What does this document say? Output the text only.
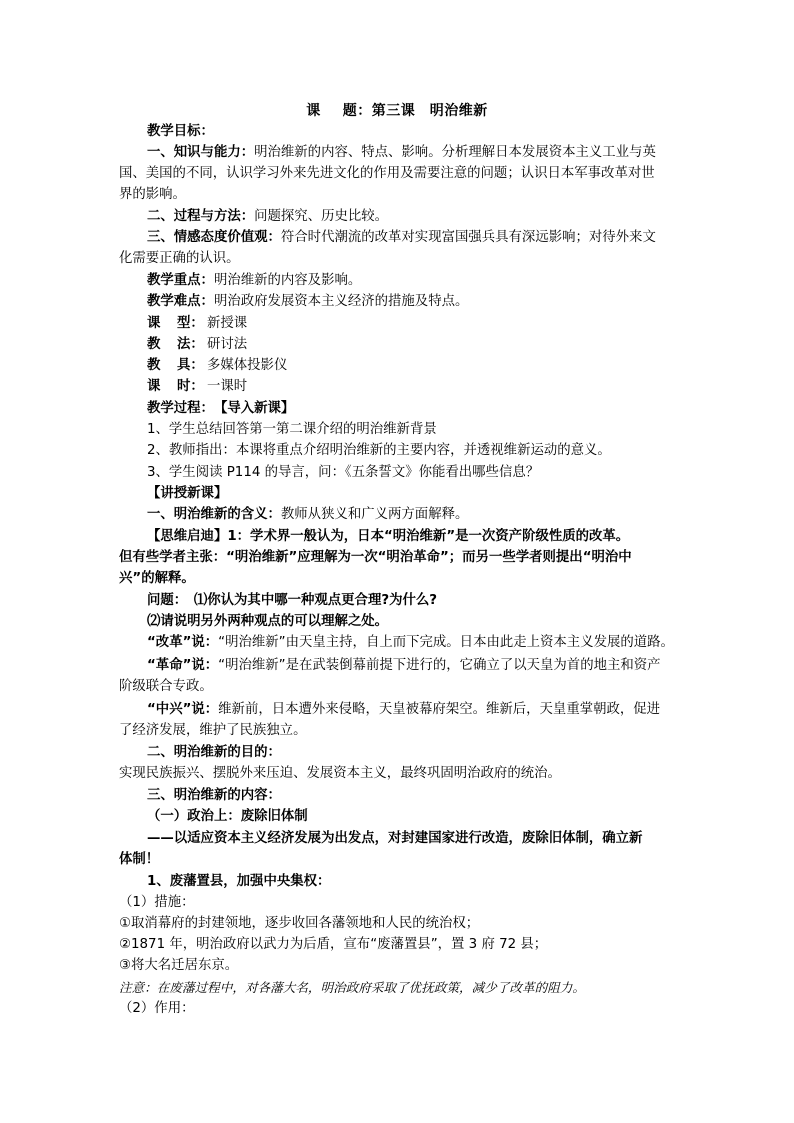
课 题：第三课　明治维新
教学目标：
一、知识与能力：明治维新的内容、特点、影响。分析理解日本发展资本主义工业与英
国、美国的不同，认识学习外来先进文化的作用及需要注意的问题；认识日本军事改革对世
界的影响。
二、过程与方法：问题探究、历史比较。
三、情感态度价值观：符合时代潮流的改革对实现富国强兵具有深远影响；对待外来文
化需要正确的认识。
教学重点：明治维新的内容及影响。
教学难点：明治政府发展资本主义经济的措施及特点。
课 型： 新授课
教 法： 研讨法
教 具： 多媒体投影仪
课 时： 一课时
教学过程：　【导入新课】
1、学生总结回答第一第二课介绍的明治维新背景
2、教师指出：本课将重点介绍明治维新的主要内容，并透视维新运动的意义。
3、学生阅读 P114 的导言，问：《五条誓文》你能看出哪些信息？
【讲授新课】
一、明治维新的含义：教师从狭义和广义两方面解释。
【思维启迪】1：学术界一般认为，日本“明治维新”是一次资产阶级性质的改革。
但有些学者主张：“明治维新”应理解为一次“明治革命”；而另一些学者则提出“明治中
兴”的解释。
问题：　⑴你认为其中哪一种观点更合理?为什么?
⑵请说明另外两种观点的可以理解之处。
“改革”说：“明治维新”由天皇主持，自上而下完成。日本由此走上资本主义发展的道路。
“革命”说：“明治维新”是在武装倒幕前提下进行的，它确立了以天皇为首的地主和资产
阶级联合专政。
“中兴”说：维新前，日本遭外来侵略，天皇被幕府架空。维新后，天皇重掌朝政，促进
了经济发展，维护了民族独立。
二、明治维新的目的：
实现民族振兴、摆脱外来压迫、发展资本主义，最终巩固明治政府的统治。
三、明治维新的内容：
（一）政治上：废除旧体制
——以适应资本主义经济发展为出发点，对封建国家进行改造，废除旧体制，确立新
体制！
1、废藩置县，加强中央集权：
（1）措施：
①取消幕府的封建领地，逐步收回各藩领地和人民的统治权；
②1871 年，明治政府以武力为后盾，宣布“废藩置县”，置 3 府 72 县；
③将大名迁居东京。
注意：在废藩过程中，对各藩大名，明治政府采取了优抚政策，减少了改革的阻力。
（2）作用：
